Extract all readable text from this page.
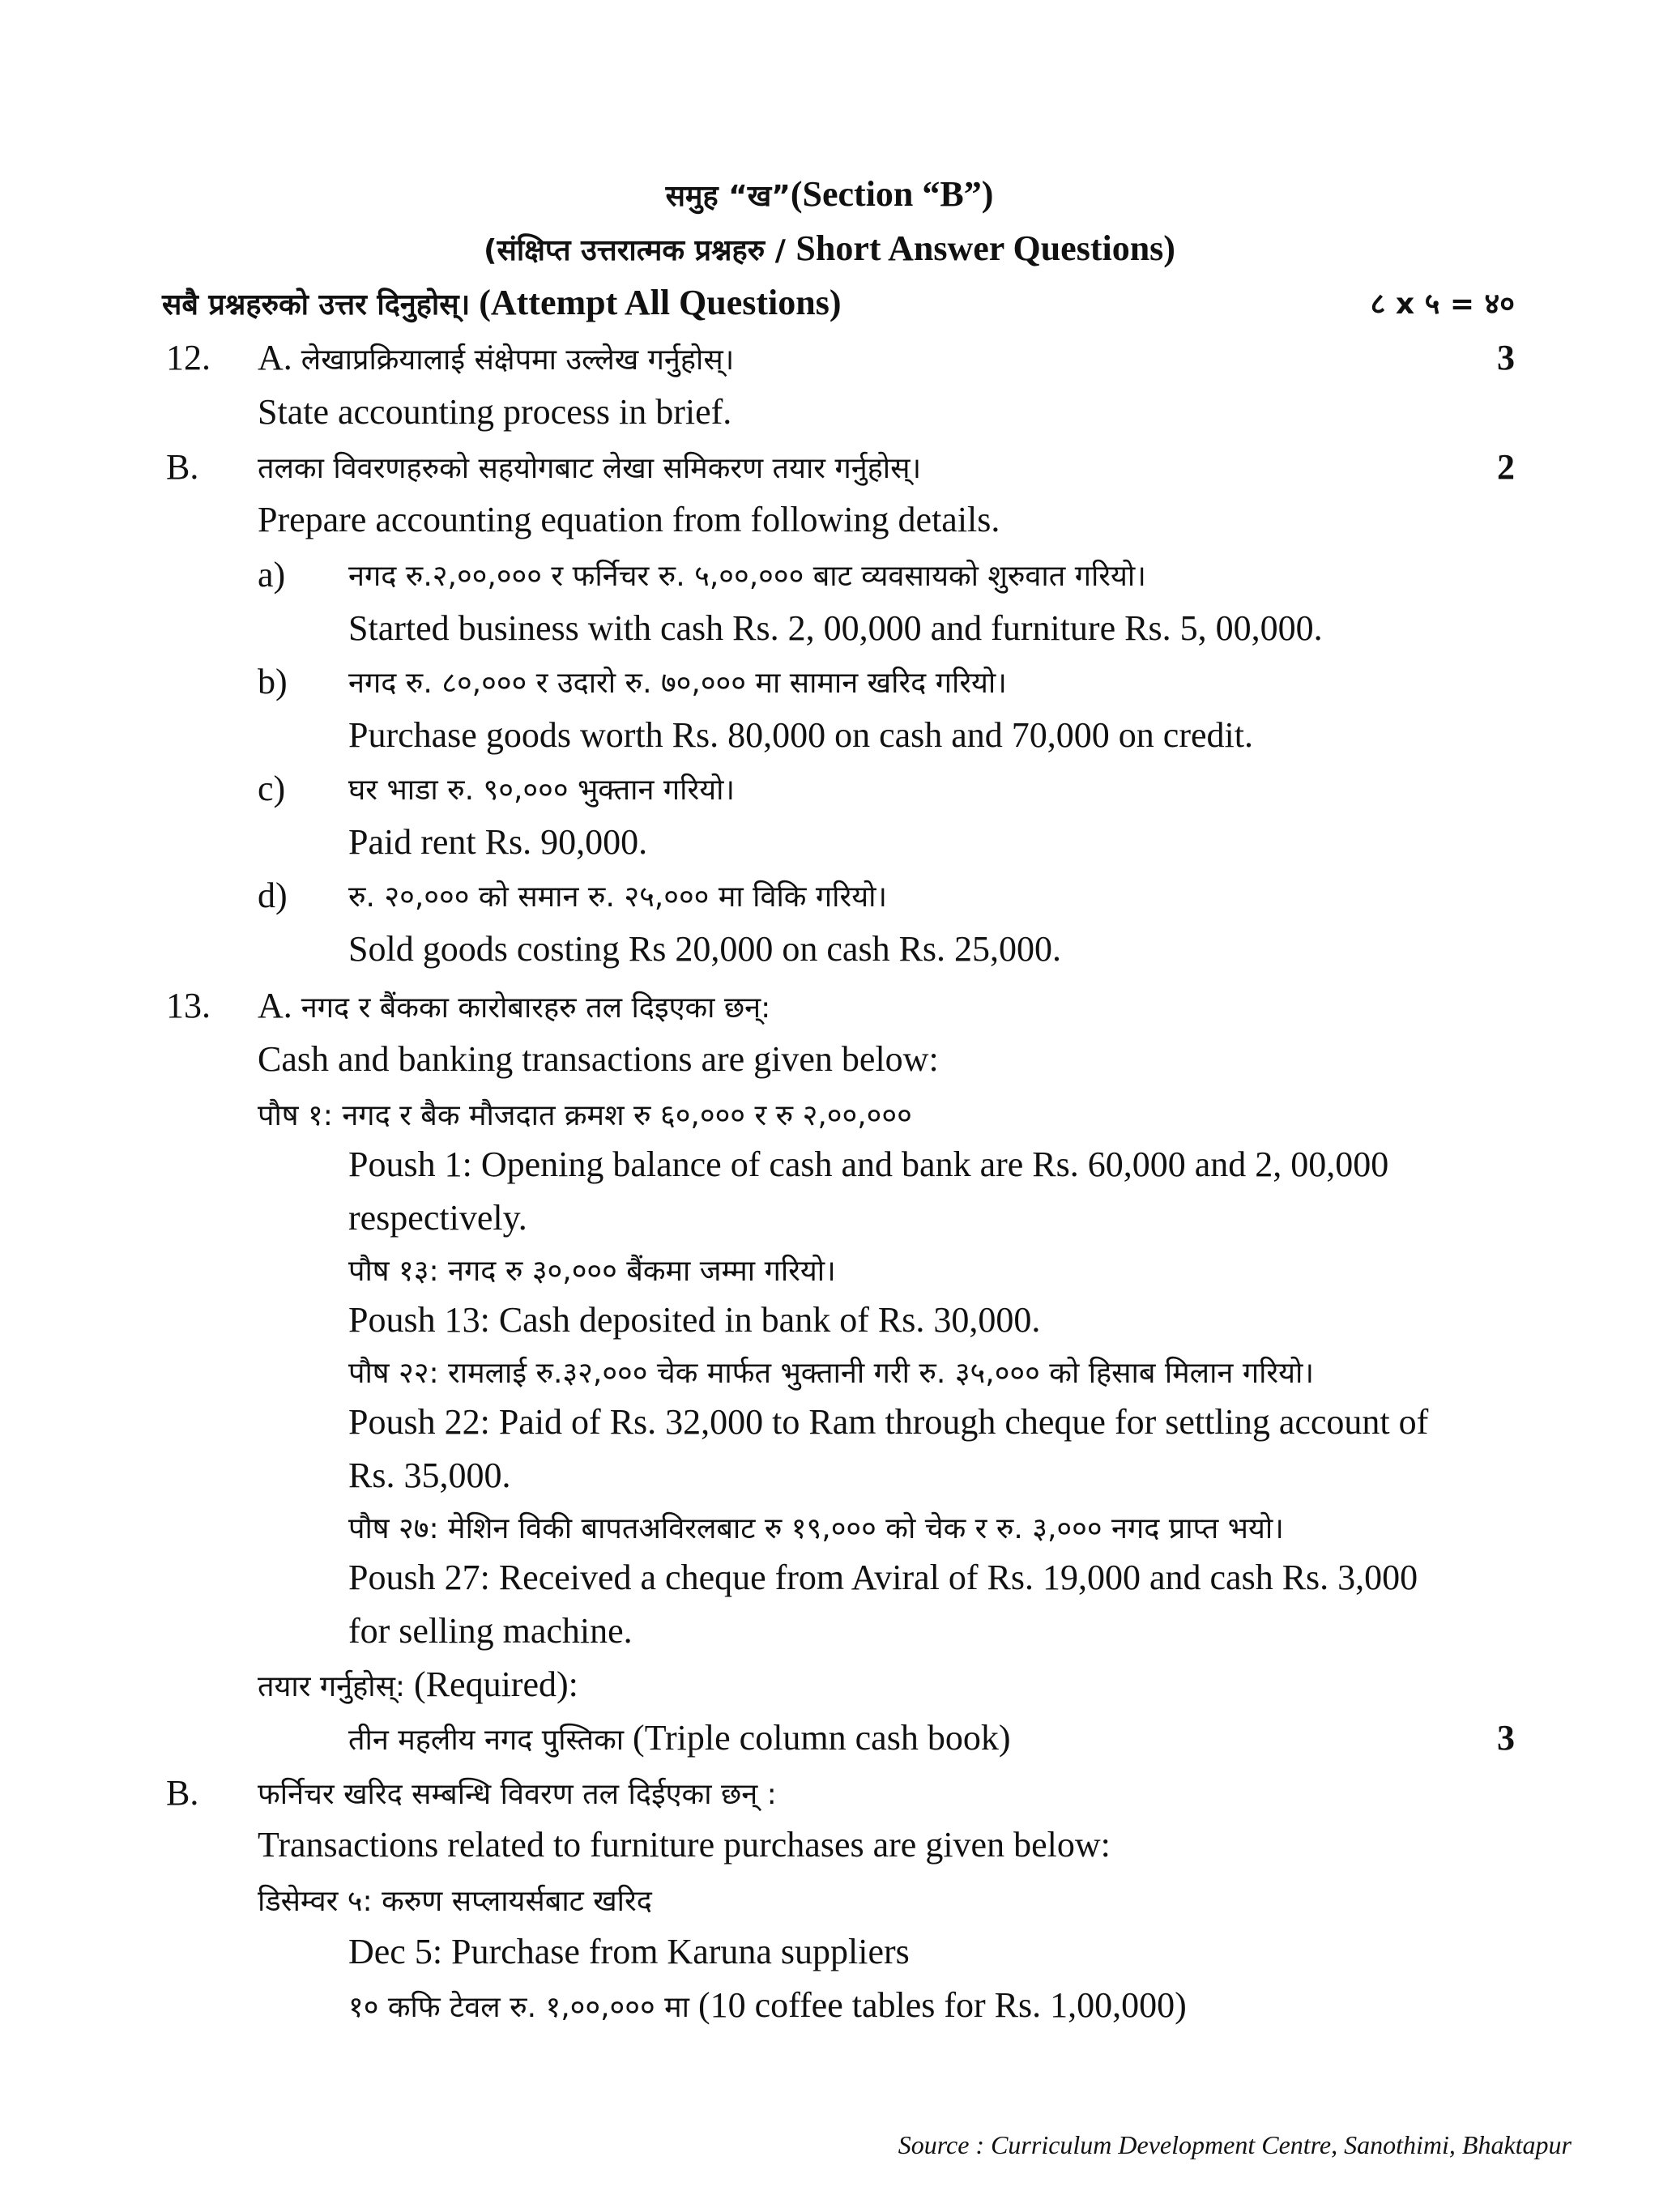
समुह “ख”(Section “B”)
(संक्षिप्त उत्तरात्मक प्रश्नहरु / Short Answer Questions)
सबै प्रश्नहरुको उत्तर दिनुहोस्। (Attempt All Questions)	८ x ५ = ४०
12. A. लेखाप्रक्रियालाई संक्षेपमा उल्लेख गर्नुहोस्।	3
State accounting process in brief.
B. तलका विवरणहरुको सहयोगबाट लेखा समिकरण तयार गर्नुहोस्।	2
Prepare accounting equation from following details.
a) नगद रु.२,००,००० र फर्निचर रु. ५,००,००० बाट व्यवसायको शुरुवात गरियो।
Started business with cash Rs. 2, 00,000 and furniture Rs. 5, 00,000.
b) नगद रु. ८०,००० र उदारो रु. ७०,००० मा सामान खरिद गरियो।
Purchase goods worth Rs. 80,000 on cash and 70,000 on credit.
c) घर भाडा रु. ९०,००० भुक्तान गरियो।
Paid rent Rs. 90,000.
d) रु. २०,००० को समान रु. २५,००० मा विकि गरियो।
Sold goods costing Rs 20,000 on cash Rs. 25,000.
13. A. नगद र बैंकका कारोबारहरु तल दिइएका छन्:
Cash and banking transactions are given below:
पौष १: नगद र बैक मौजदात क्रमश रु ६०,००० र रु २,००,०००
Poush 1: Opening balance of cash and bank are Rs. 60,000 and 2, 00,000
respectively.
पौष १३: नगद रु ३०,००० बैंकमा जम्मा गरियो।
Poush 13: Cash deposited in bank of Rs. 30,000.
पौष २२: रामलाई रु.३२,००० चेक मार्फत भुक्तानी गरी रु. ३५,००० को हिसाब मिलान गरियो।
Poush 22: Paid of Rs. 32,000 to Ram through cheque for settling account of
Rs. 35,000.
पौष २७: मेशिन विकी बापतअविरलबाट रु १९,००० को चेक र रु. ३,००० नगद प्राप्त भयो।
Poush 27: Received a cheque from Aviral of Rs. 19,000 and cash Rs. 3,000
for selling machine.
तयार गर्नुहोस्: (Required):
तीन महलीय नगद पुस्तिका (Triple column cash book)	3
B. फर्निचर खरिद सम्बन्धि विवरण तल दिईएका छन् :
Transactions related to furniture purchases are given below:
डिसेम्वर ५: करुण सप्लायर्सबाट खरिद
Dec 5: Purchase from Karuna suppliers
१० कफि टेवल रु. १,००,००० मा (10 coffee tables for Rs. 1,00,000)
Source : Curriculum Development Centre, Sanothimi, Bhaktapur
